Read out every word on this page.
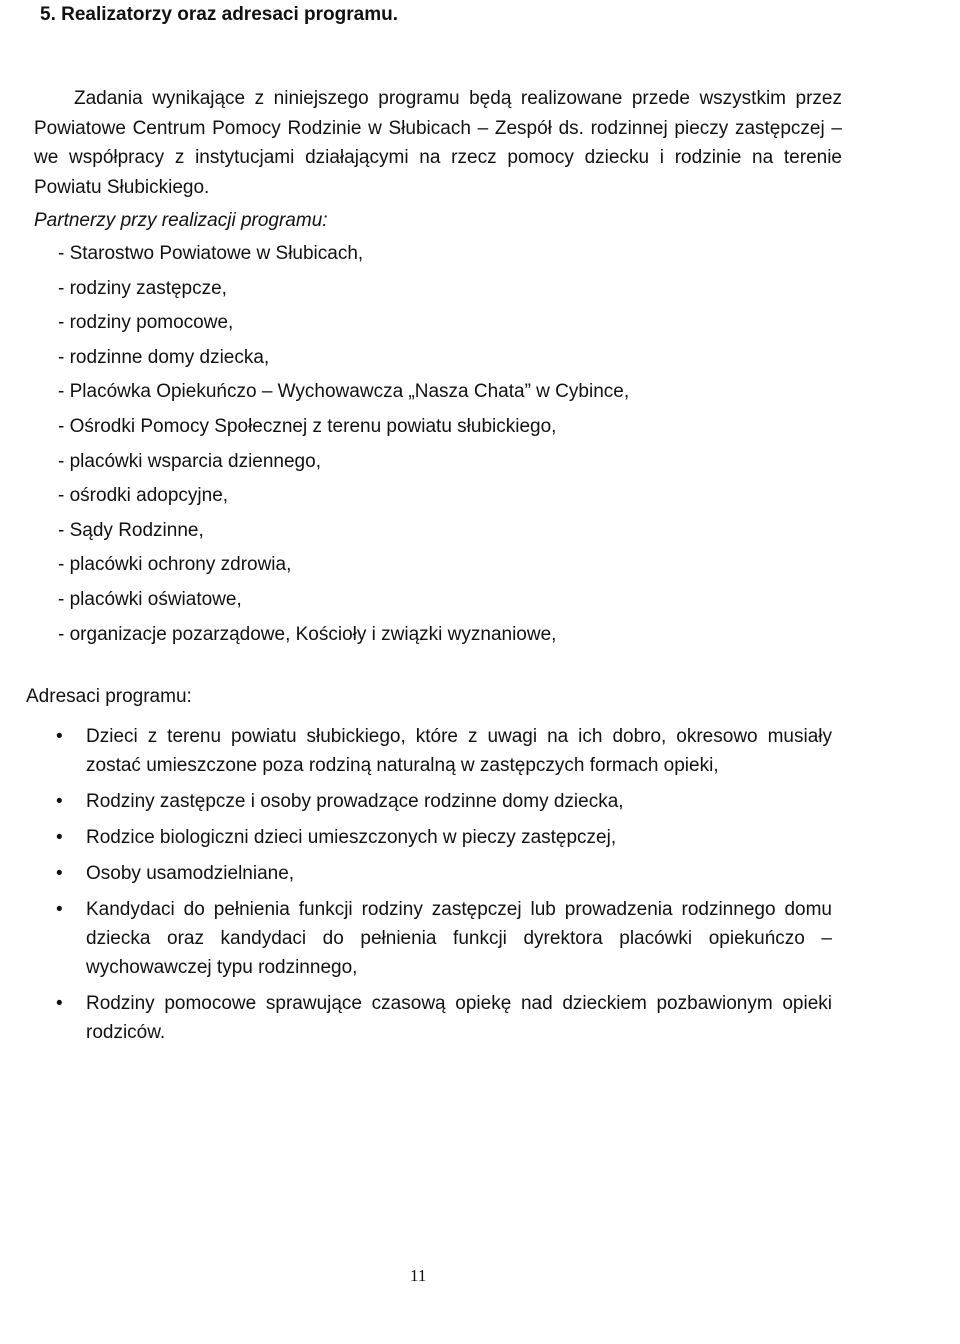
5. Realizatorzy oraz adresaci programu.

Zadania wynikające z niniejszego programu będą realizowane przede wszystkim przez Powiatowe Centrum Pomocy Rodzinie w Słubicach – Zespół ds. rodzinnej pieczy zastępczej – we współpracy z instytucjami działającymi na rzecz pomocy dziecku i rodzinie na terenie Powiatu Słubickiego.

Partnerzy przy realizacji programu:

- Starostwo Powiatowe w Słubicach,
- rodziny zastępcze,
- rodziny pomocowe,
- rodzinne domy dziecka,
- Placówka Opiekuńczo – Wychowawcza „Nasza Chata” w Cybince,
- Ośrodki Pomocy Społecznej z terenu powiatu słubickiego,
- placówki wsparcia dziennego,
- ośrodki adopcyjne,
- Sądy Rodzinne,
- placówki ochrony zdrowia,
- placówki oświatowe,
- organizacje pozarządowe, Kościoły i związki wyznaniowe,

Adresaci programu:

• Dzieci z terenu powiatu słubickiego, które z uwagi na ich dobro, okresowo musiały zostać umieszczone poza rodziną naturalną w zastępczych formach opieki,
• Rodziny zastępcze i osoby prowadzące rodzinne domy dziecka,
• Rodzice biologiczni dzieci umieszczonych w pieczy zastępczej,
• Osoby usamodzielniane,
• Kandydaci do pełnienia funkcji rodziny zastępczej lub prowadzenia rodzinnego domu dziecka oraz kandydaci do pełnienia funkcji dyrektora placówki opiekuńczo – wychowawczej typu rodzinnego,
• Rodziny pomocowe sprawujące czasową opiekę nad dzieckiem pozbawionym opieki rodziców.

11
